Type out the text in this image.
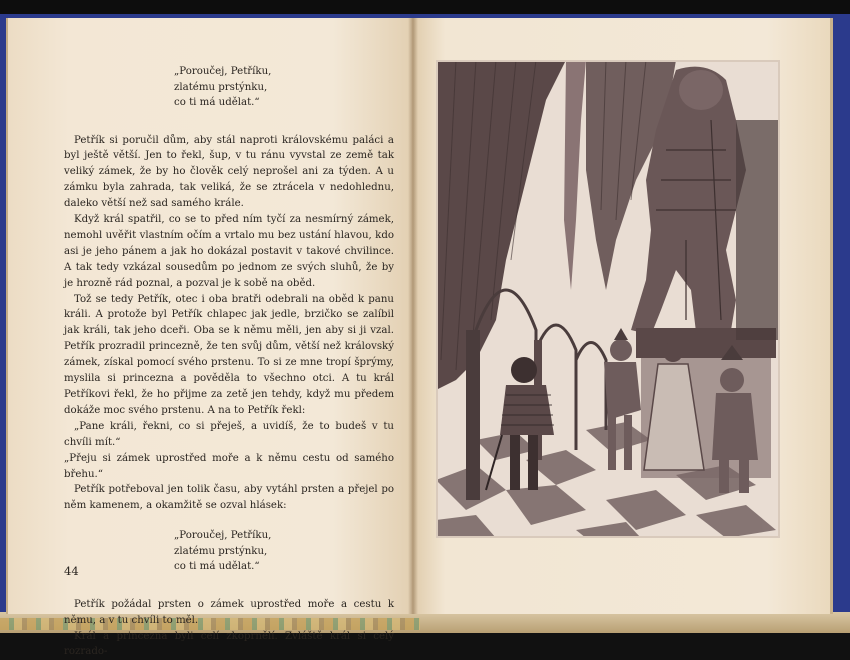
„Poroučej, Petříku,
zlatému prstýnku,
co ti má udělat.“

Petřík si poručil dům, aby stál naproti královskému paláci a byl ještě větší. Jen to řekl, šup, v tu ránu vyvstal ze země tak veliký zámek, že by ho člověk celý neprošel ani za týden. A u zámku byla zahrada, tak veliká, že se ztrácela v nedohlednu, daleko větší než sad samého krále.

Když král spatřil, co se to před ním tyčí za nesmírný zámek, nemohl uvěřit vlastním očím a vrtalo mu bez ustání hlavou, kdo asi je jeho pánem a jak ho dokázal postavit v takové chvilince. A tak tedy vzkázal sousedům po jednom ze svých sluhů, že by je hrozně rád poznal, a pozval je k sobě na oběd.

Tož se tedy Petřík, otec i oba bratři odebrali na oběd k panu králi. A protože byl Petřík chlapec jak jedle, brzičko se zalíbil jak králi, tak jeho dceři. Oba se k němu měli, jen aby si ji vzal. Petřík prozradil princezně, že ten svůj dům, větší než královský zámek, získal pomocí svého prstenu. To si ze mne tropí šprýmy, myslila si princezna a pověděla to všechno otci. A tu král Petříkovi řekl, že ho přijme za zetě jen tehdy, když mu předem dokáže moc svého prstenu. A na to Petřík řekl:

„Pane králi, řekni, co si přeješ, a uvidíš, že to budeš v tu chvíli mít.“

„Přeju si zámek uprostřed moře a k němu cestu od samého břehu.“

Petřík potřeboval jen tolik času, aby vytáhl prsten a přejel po něm kamenem, a okamžitě se ozval hlásek:

„Poroučej, Petříku,
zlatému prstýnku,
co ti má udělat.“

Petřík požádal prsten o zámek uprostřed moře a cestu k němu, a v tu chvíli to měl.

Král a princezna byli celí zkoprnělí. Zvláště král si celý rozrado-

44
